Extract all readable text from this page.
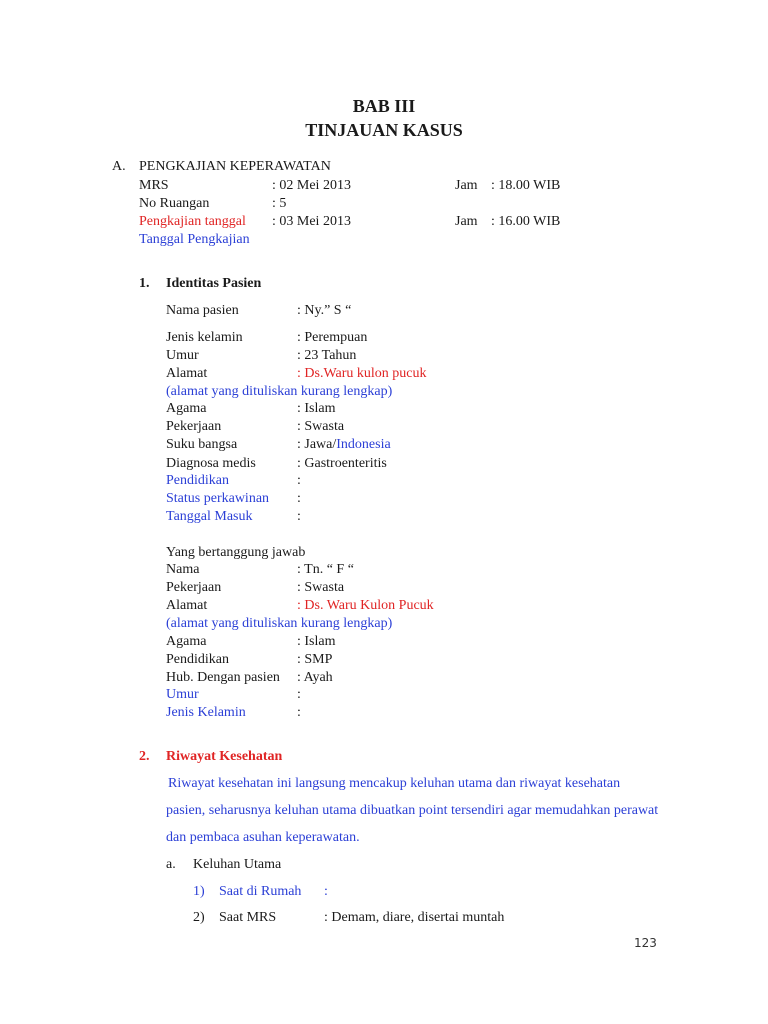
BAB III
TINJAUAN KASUS
A. PENGKAJIAN KEPERAWATAN
MRS	: 02 Mei 2013	Jam : 18.00 WIB
No Ruangan	: 5
Pengkajian tanggal : 03 Mei 2013	Jam : 16.00 WIB
Tanggal Pengkajian
1. Identitas Pasien
Nama pasien	: Ny.” S “
Jenis kelamin	: Perempuan
Umur	: 23 Tahun
Alamat	: Ds.Waru kulon pucuk
(alamat yang dituliskan kurang lengkap)
Agama	: Islam
Pekerjaan	: Swasta
Suku bangsa	: Jawa/Indonesia
Diagnosa medis	: Gastroenteritis
Pendidikan	:
Status perkawinan :
Tanggal Masuk	:
Yang bertanggung jawab
Nama	: Tn. “ F “
Pekerjaan	: Swasta
Alamat	: Ds. Waru Kulon Pucuk
(alamat yang dituliskan kurang lengkap)
Agama	: Islam
Pendidikan	: SMP
Hub. Dengan pasien : Ayah
Umur	:
Jenis Kelamin	:
2. Riwayat Kesehatan
Riwayat kesehatan ini langsung mencakup keluhan utama dan riwayat kesehatan pasien, seharusnya keluhan utama dibuatkan point tersendiri agar memudahkan perawat dan pembaca asuhan keperawatan.
a. Keluhan Utama
1) Saat di Rumah :
2) Saat MRS	: Demam, diare, disertai muntah
123
